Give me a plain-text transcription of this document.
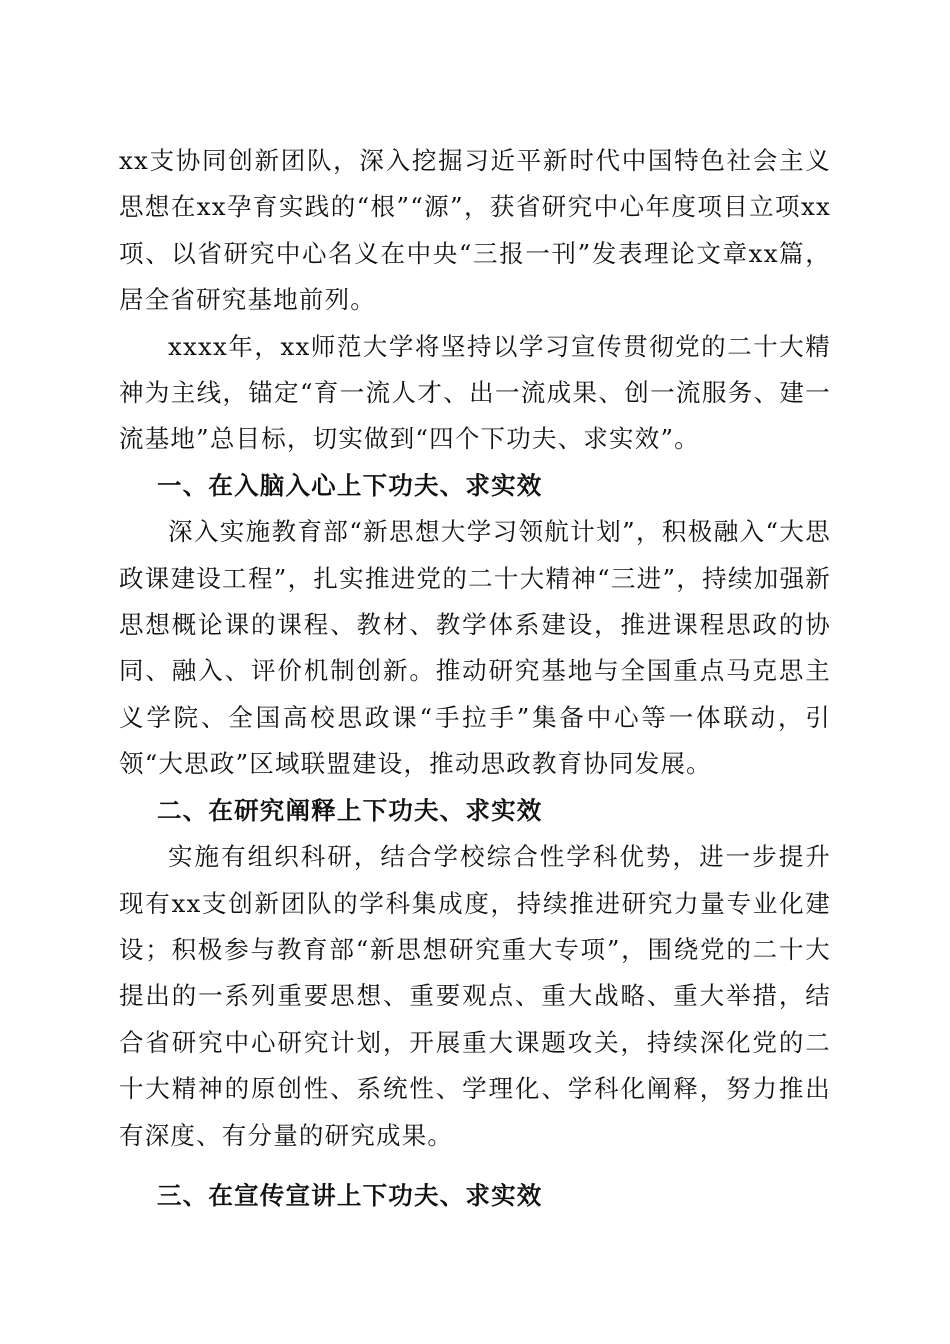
xx支协同创新团队，深入挖掘习近平新时代中国特色社会主义思想在xx孕育实践的“根”“源”，获省研究中心年度项目立项xx项、以省研究中心名义在中央“三报一刊”发表理论文章xx篇，居全省研究基地前列。

xxxx年，xx师范大学将坚持以学习宣传贯彻党的二十大精神为主线，锚定“育一流人才、出一流成果、创一流服务、建一流基地”总目标，切实做到“四个下功夫、求实效”。

一、在入脑入心上下功夫、求实效

深入实施教育部“新思想大学习领航计划”，积极融入“大思政课建设工程”，扎实推进党的二十大精神“三进”，持续加强新思想概论课的课程、教材、教学体系建设，推进课程思政的协同、融入、评价机制创新。推动研究基地与全国重点马克思主义学院、全国高校思政课“手拉手”集备中心等一体联动，引领“大思政”区域联盟建设，推动思政教育协同发展。

二、在研究阐释上下功夫、求实效

实施有组织科研，结合学校综合性学科优势，进一步提升现有xx支创新团队的学科集成度，持续推进研究力量专业化建设；积极参与教育部“新思想研究重大专项”，围绕党的二十大提出的一系列重要思想、重要观点、重大战略、重大举措，结合省研究中心研究计划，开展重大课题攻关，持续深化党的二十大精神的原创性、系统性、学理化、学科化阐释，努力推出有深度、有分量的研究成果。

三、在宣传宣讲上下功夫、求实效
